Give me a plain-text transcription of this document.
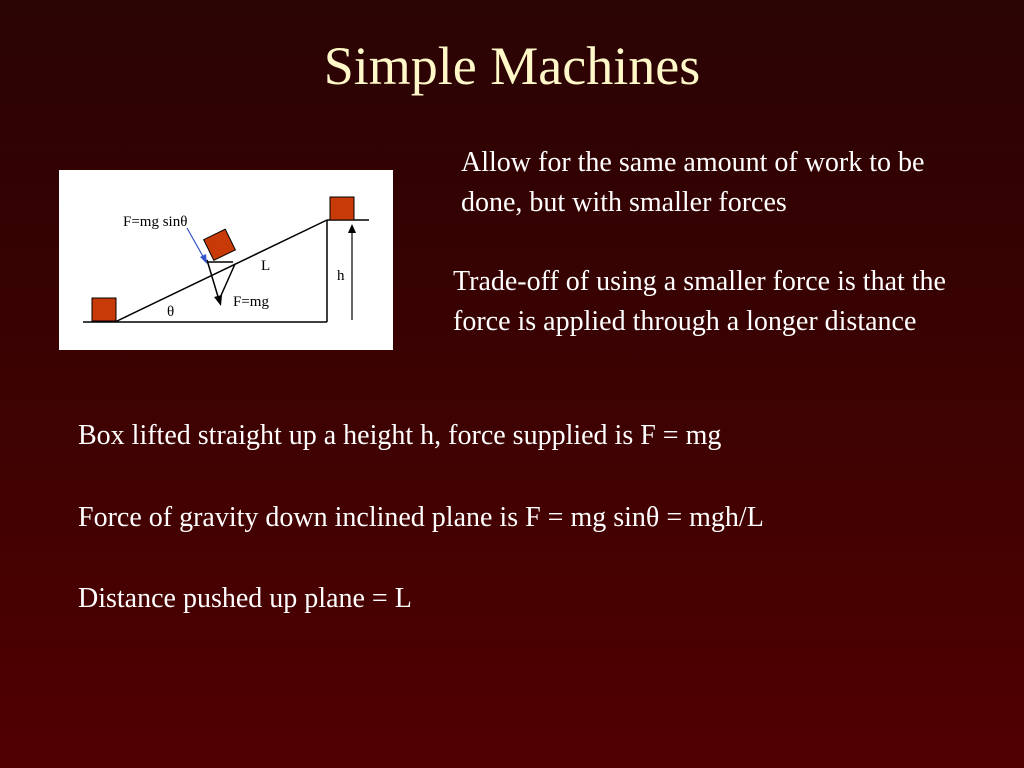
Simple Machines
F=mg sinθ
L
h
F=mg
θ
Allow for the same amount of work to be done, but with smaller forces
Trade-off of using a smaller force is that the force is applied through a longer distance
Box lifted straight up a height h, force supplied is F = mg
Force of gravity down inclined plane is F = mg sinθ = mgh/L
Distance pushed up plane = L
